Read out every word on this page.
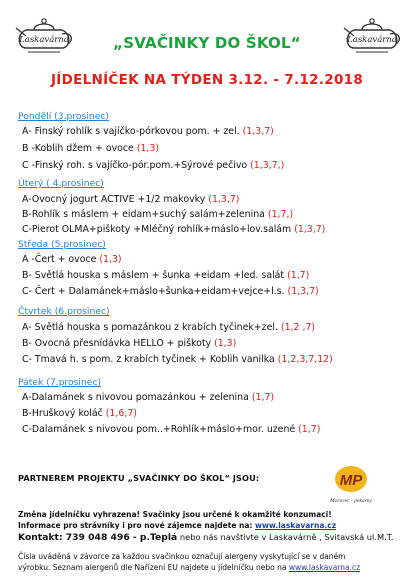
Laskavárna	Laskavárna
„SVAČINKY DO ŠKOL“
JÍDELNÍČEK NA TÝDEN 3.12. - 7.12.2018
Pondělí (3.prosinec)
A- Finský rohlík s vajíčko-pórkovou pom. + zel. (1,3,7)
B -Koblih džem + ovoce (1,3)
C -Finský roh. s vajíčko-pór.pom.+Sýrové pečivo (1,3,7,)
Úterý ( 4.prosinec)
A-Ovocný jogurt ACTIVE +1/2 makovky (1,3,7)
B-Rohlík s máslem + eidam+suchý salám+zelenina (1,7,)
C-Pierot OLMA+piškoty +Mléčný rohlík+máslo+lov.salám (1,3,7)
Středa (5.prosinec)
A -Čert + ovoce (1,3)
B- Světlá houska s máslem + šunka +eidam +led. salát (1,7)
C- Čert + Dalamánek+máslo+šunka+eidam+vejce+l.s. (1,3,7)
Čtvrtek (6.prosinec)
A- Světlá houska s pomazánkou z krabích tyčinek+zel. (1,2 ,7)
B- Ovocná přesnídávka HELLO + piškoty (1,3)
C- Tmavá h. s pom. z krabích tyčinek + Koblih vanilka (1,2,3,7,12)
Pátek (7.prosinec)
A-Dalamánek s nivovou pomazánkou + zelenina (1,7)
B-Hruškový koláč (1,6,7)
C-Dalamánek s nivovou pom..+Rohlík+máslo+mor. uzené (1,7)
PARTNEREM PROJEKTU „SVAČINKY DO ŠKOL“ JSOU:	MP
Moravec - pekárny
Změna jídelníčku vyhrazena! Svačinky jsou určené k okamžité konzumaci!
Informace pro strávníky i pro nové zájemce najdete na: www.laskavarna.cz
Kontakt: 739 048 496 - p.Teplá nebo nás navštivte v Laskavárně , Svitavská ul.M.T.
Čísla uváděná v závorce za každou svačinkou označují alergeny vyskytující se v daném
výrobku. Seznam alergenů dle Nařízení EU najdete u jídelníčku nebo na www.laskavarna.cz
